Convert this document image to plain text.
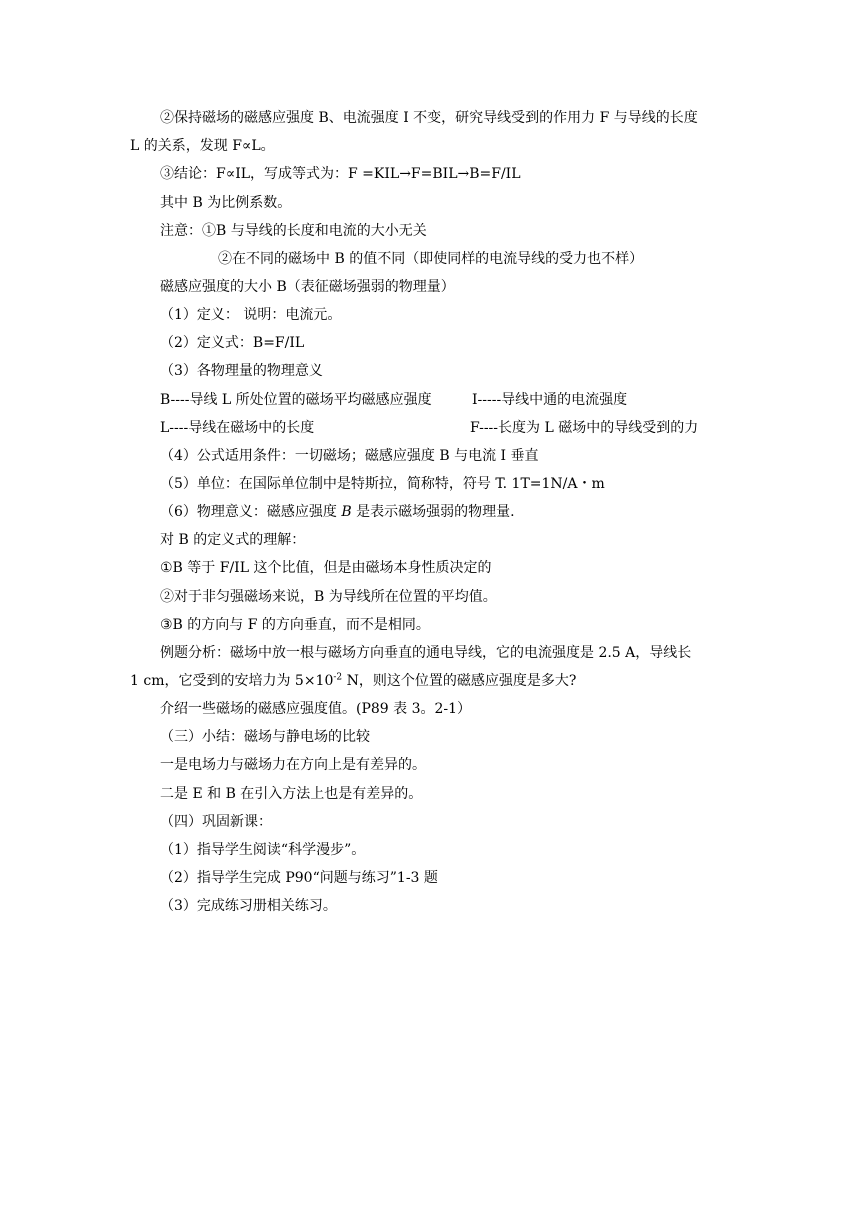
②保持磁场的磁感应强度 B、电流强度 I 不变，研究导线受到的作用力 F 与导线的长度

L 的关系，发现 F∝L。

③结论：F∝IL，写成等式为：F =KIL→F=BIL→B=F/IL

其中 B 为比例系数。

注意：①B 与导线的长度和电流的大小无关

②在不同的磁场中 B 的值不同（即使同样的电流导线的受力也不样）

磁感应强度的大小 B（表征磁场强弱的物理量）

（1）定义： 说明：电流元。

（2）定义式：B=F/IL

（3）各物理量的物理意义

B----导线 L 所处位置的磁场平均磁感应强度	I-----导线中通的电流强度

L----导线在磁场中的长度	F----长度为 L 磁场中的导线受到的力

（4）公式适用条件：一切磁场；磁感应强度 B 与电流 I 垂直

（5）单位：在国际单位制中是特斯拉，简称特，符号 T. 1T=1N/A・m

（6）物理意义：磁感应强度 B 是表示磁场强弱的物理量.

对 B 的定义式的理解：

①B 等于 F/IL 这个比值，但是由磁场本身性质决定的

②对于非匀强磁场来说，B 为导线所在位置的平均值。

③B 的方向与 F 的方向垂直，而不是相同。

例题分析：磁场中放一根与磁场方向垂直的通电导线，它的电流强度是 2.5 A，导线长

1 cm，它受到的安培力为 $5\times 10^{-2}$ N，则这个位置的磁感应强度是多大?

介绍一些磁场的磁感应强度值。(P89 表 3。2-1）

（三）小结：磁场与静电场的比较

一是电场力与磁场力在方向上是有差异的。

二是 E 和 B 在引入方法上也是有差异的。

（四）巩固新课：

（1）指导学生阅读“科学漫步”。

（2）指导学生完成 P90“问题与练习”1-3 题

（3）完成练习册相关练习。
